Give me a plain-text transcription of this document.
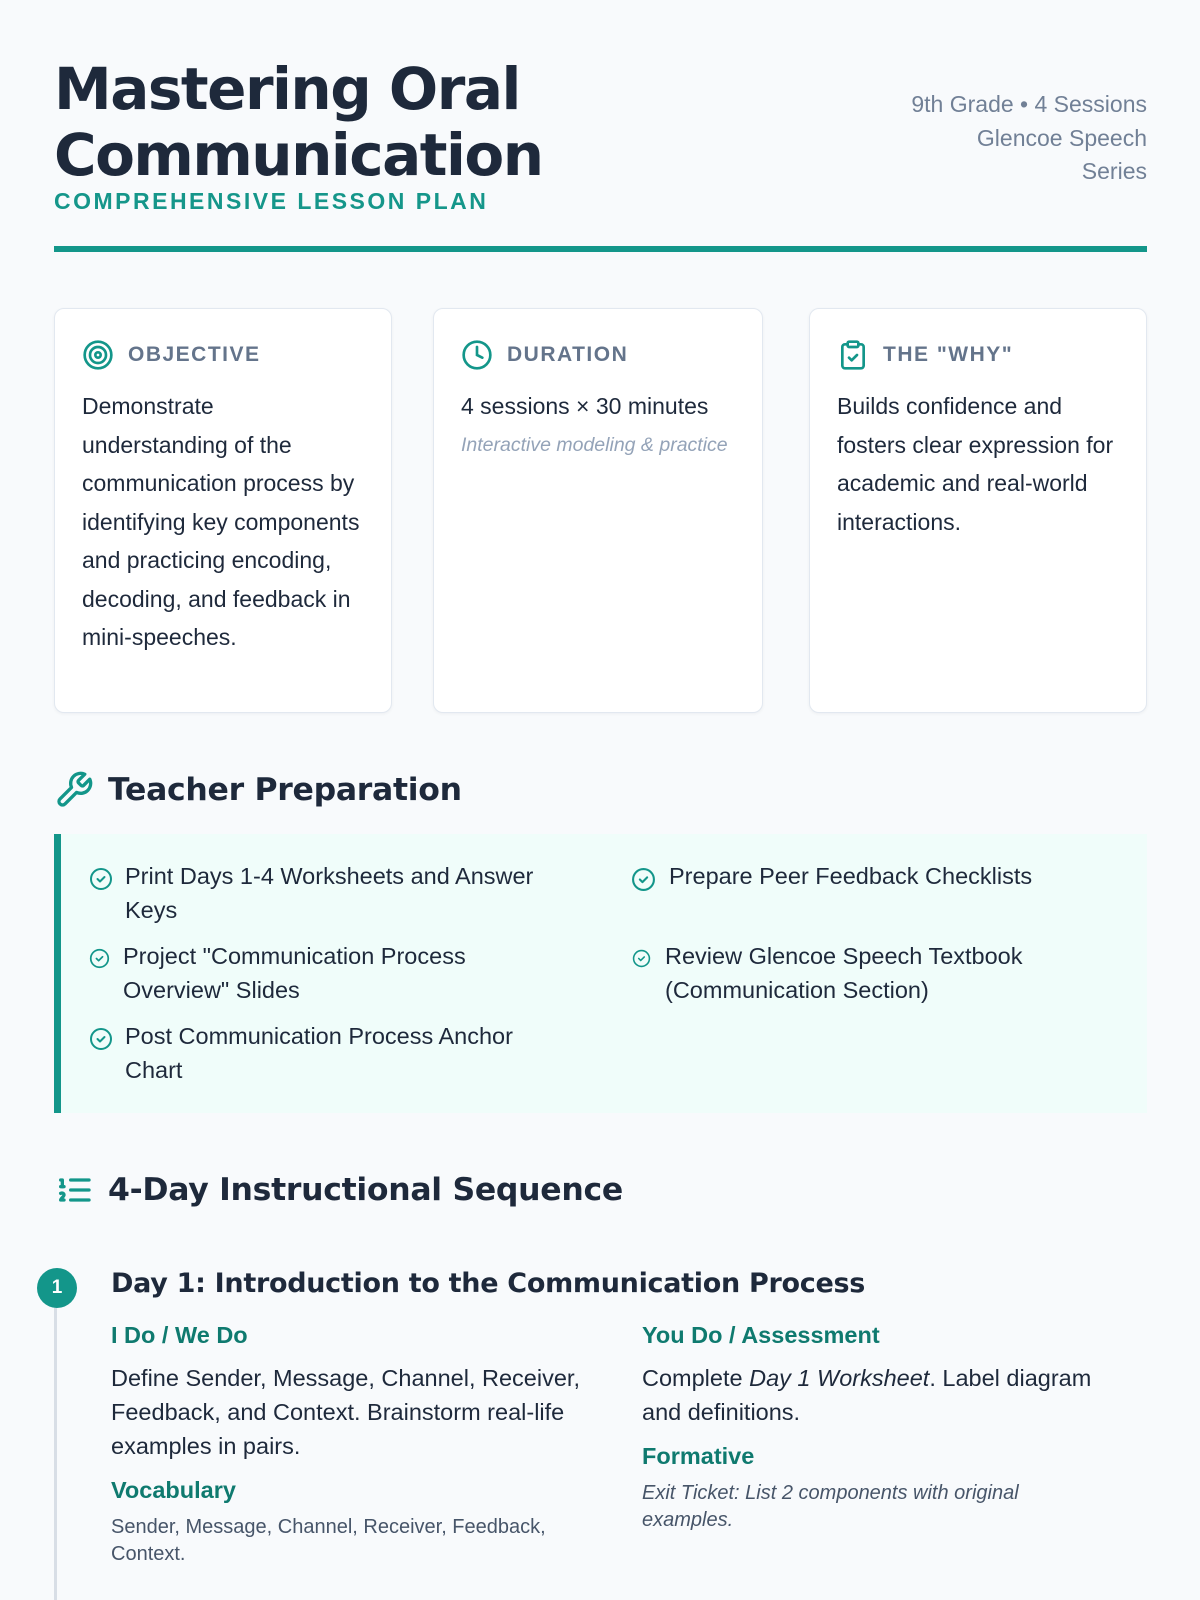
Mastering Oral Communication
COMPREHENSIVE LESSON PLAN
9th Grade • 4 Sessions
Glencoe Speech Series
OBJECTIVE
Demonstrate understanding of the communication process by identifying key components and practicing encoding, decoding, and feedback in mini-speeches.
DURATION
4 sessions × 30 minutes
Interactive modeling & practice
THE "WHY"
Builds confidence and fosters clear expression for academic and real-world interactions.
Teacher Preparation
Print Days 1-4 Worksheets and Answer Keys
Prepare Peer Feedback Checklists
Project "Communication Process Overview" Slides
Review Glencoe Speech Textbook (Communication Section)
Post Communication Process Anchor Chart
4-Day Instructional Sequence
1	Day 1: Introduction to the Communication Process
I Do / We Do
Define Sender, Message, Channel, Receiver, Feedback, and Context. Brainstorm real-life examples in pairs.
Vocabulary
Sender, Message, Channel, Receiver, Feedback, Context.
You Do / Assessment
Complete Day 1 Worksheet. Label diagram and definitions.
Formative
Exit Ticket: List 2 components with original examples.
